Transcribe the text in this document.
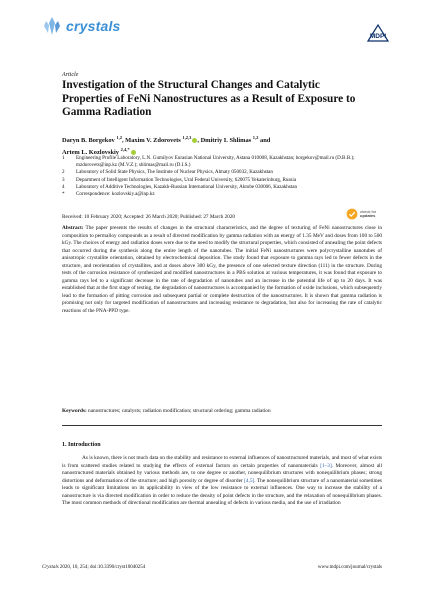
crystals
MDPI
Article
Investigation of the Structural Changes and Catalytic Properties of FeNi Nanostructures as a Result of Exposure to Gamma Radiation
Daryn B. Borgekov $^{1,2}$, Maxim V. Zdorovets $^{1,2,3}$ , Dmitriy I. Shlimas $^{1,2}$ and
Artem L. Kozlovskiy $^{2,4,*}$
1	Engineering Profile Laboratory, L.N. Gumilyov Eurasian National University, Astana 010008, Kazakhstan; borgekov@mail.ru (D.B.B.); mzdorovets@inp.kz (M.V.Z.); shlimas@mail.ru (D.I.S.)
2	Laboratory of Solid State Physics, The Institute of Nuclear Physics, Almaty 050032, Kazakhstan
3	Department of Intelligent Information Technologies, Ural Federal University, 620075 Yekaterinburg, Russia
4	Laboratory of Additive Technologies, Kazakh-Russian International University, Aktobe 030006, Kazakhstan
*	Correspondence: kozlovskiy.a@inp.kz
Received: 10 February 2020; Accepted: 26 March 2020; Published: 27 March 2020
check for
updates
Abstract: The paper presents the results of changes in the structural characteristics, and the degree of texturing of FeNi nanostructures close in composition to permalloy compounds as a result of directed modification by gamma radiation with an energy of 1.35 MeV and doses from 100 to 500 kGy. The choices of energy and radiation doses were due to the need to modify the structural properties, which consisted of annealing the point defects that occurred during the synthesis along the entire length of the nanotubes. The initial FeNi nanostructures were polycrystalline nanotubes of anisotropic crystallite orientation, obtained by electrochemical deposition. The study found that exposure to gamma rays led to fewer defects in the structure, and reorientation of crystallites, and at doses above 300 kGy, the presence of one selected texture direction (111) in the structure. During tests of the corrosion resistance of synthesized and modified nanostructures in a PBS solution at various temperatures, it was found that exposure to gamma rays led to a significant decrease in the rate of degradation of nanotubes and an increase in the potential life of up to 20 days. It was established that at the first stage of testing, the degradation of nanostructures is accompanied by the formation of oxide inclusions, which subsequently lead to the formation of pitting corrosion and subsequent partial or complete destruction of the nanostructures. It is shown that gamma radiation is promising not only for targeted modification of nanostructures and increasing resistance to degradation, but also for increasing the rate of catalytic reactions of the PNA-PPD type.
Keywords: nanostructures; catalysts; radiation modification; structural ordering; gamma radiation
1. Introduction
As is known, there is not much data on the stability and resistance to external influences of nanostructured materials, and most of what exists is from scattered studies related to studying the effects of external factors on certain properties of nanomaterials [1–3]. Moreover, almost all nanostructured materials obtained by various methods are, to one degree or another, nonequilibrium structures with nonequilibrium phases; strong distortions and deformations of the structure; and high porosity or degree of disorder [4,5]. The nonequilibrium structure of a nanomaterial sometimes leads to significant limitations on its applicability in view of the low resistance to external influences. One way to increase the stability of a nanostructure is via directed modification in order to reduce the density of point defects in the structure, and the relaxation of nonequilibrium phases. The most common methods of directional modification are thermal annealing of defects in various media, and the use of irradiation
Crystals 2020, 10, 254; doi:10.3390/cryst10040254	www.mdpi.com/journal/crystals
